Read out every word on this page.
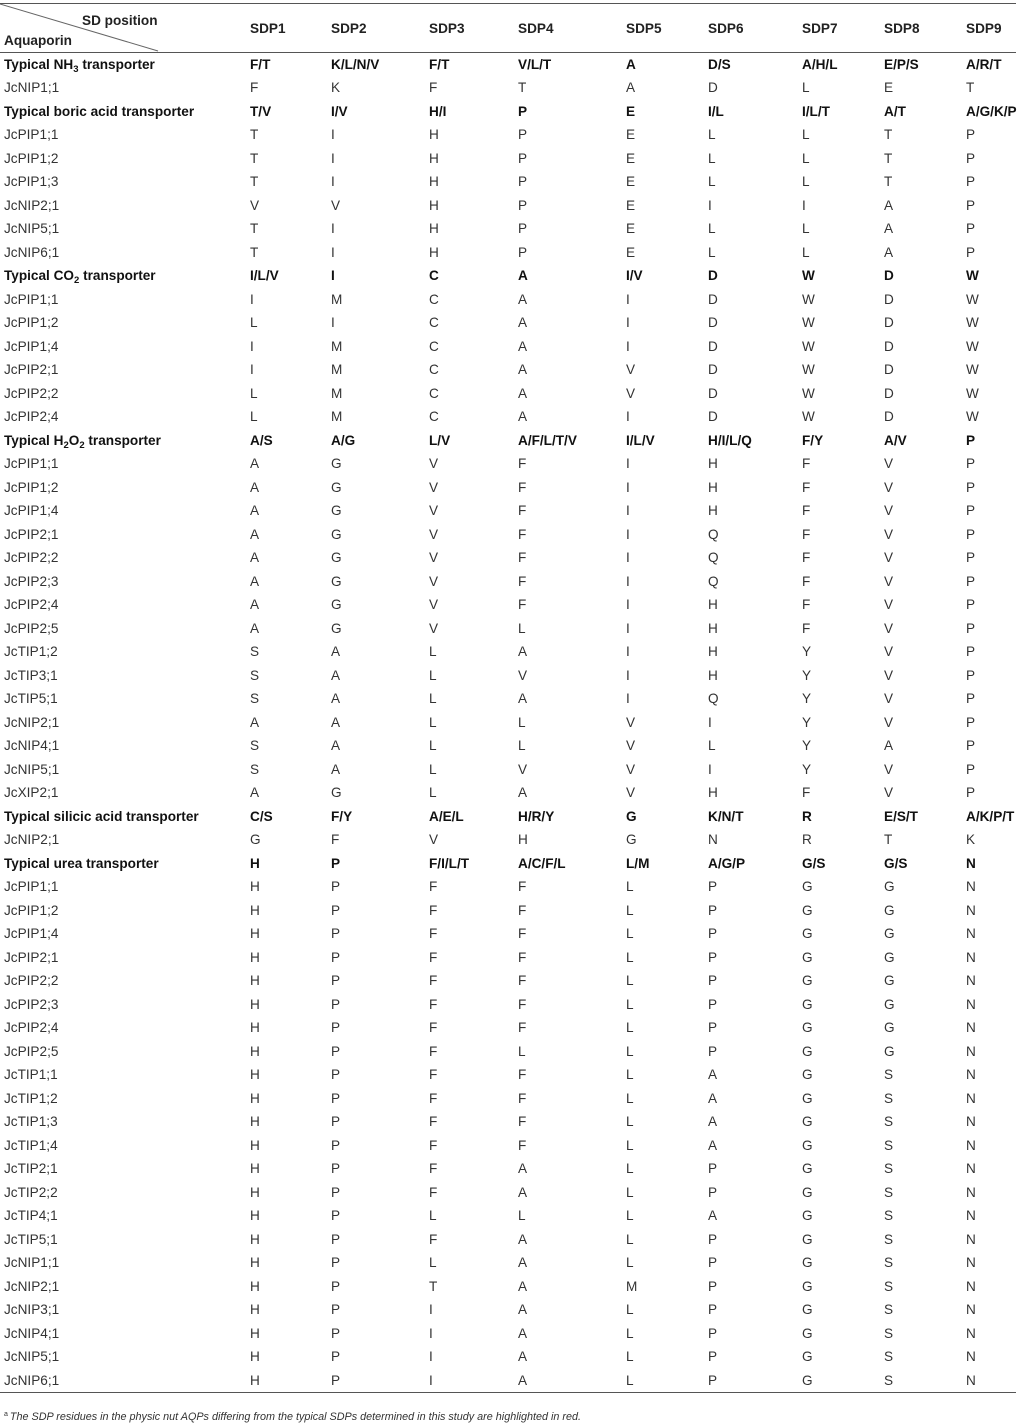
SD position
Aquaporin	SDP1	SDP2	SDP3	SDP4	SDP5	SDP6	SDP7	SDP8	SDP9
Typical $NH_3$ transporter	F/T	K/L/N/V	F/T	V/L/T	A	D/S	A/H/L	E/P/S	A/R/T
JcNIP1;1	F	K	F	T	A	D	L	E	T
Typical boric acid transporter	T/V	I/V	H/I	P	E	I/L	I/L/T	A/T	A/G/K/P
JcPIP1;1	T	I	H	P	E	L	L	T	P
JcPIP1;2	T	I	H	P	E	L	L	T	P
JcPIP1;3	T	I	H	P	E	L	L	T	P
JcNIP2;1	V	V	H	P	E	I	I	A	P
JcNIP5;1	T	I	H	P	E	L	L	A	P
JcNIP6;1	T	I	H	P	E	L	L	A	P
Typical $CO_2$ transporter	I/L/V	I	C	A	I/V	D	W	D	W
JcPIP1;1	I	M	C	A	I	D	W	D	W
JcPIP1;2	L	I	C	A	I	D	W	D	W
JcPIP1;4	I	M	C	A	I	D	W	D	W
JcPIP2;1	I	M	C	A	V	D	W	D	W
JcPIP2;2	L	M	C	A	V	D	W	D	W
JcPIP2;4	L	M	C	A	I	D	W	D	W
Typical $H_2O_2$ transporter	A/S	A/G	L/V	A/F/L/T/V	I/L/V	H/I/L/Q	F/Y	A/V	P
JcPIP1;1	A	G	V	F	I	H	F	V	P
JcPIP1;2	A	G	V	F	I	H	F	V	P
JcPIP1;4	A	G	V	F	I	H	F	V	P
JcPIP2;1	A	G	V	F	I	Q	F	V	P
JcPIP2;2	A	G	V	F	I	Q	F	V	P
JcPIP2;3	A	G	V	F	I	Q	F	V	P
JcPIP2;4	A	G	V	F	I	H	F	V	P
JcPIP2;5	A	G	V	L	I	H	F	V	P
JcTIP1;2	S	A	L	A	I	H	Y	V	P
JcTIP3;1	S	A	L	V	I	H	Y	V	P
JcTIP5;1	S	A	L	A	I	Q	Y	V	P
JcNIP2;1	A	A	L	L	V	I	Y	V	P
JcNIP4;1	S	A	L	L	V	L	Y	A	P
JcNIP5;1	S	A	L	V	V	I	Y	V	P
JcXIP2;1	A	G	L	A	V	H	F	V	P
Typical silicic acid transporter	C/S	F/Y	A/E/L	H/R/Y	G	K/N/T	R	E/S/T	A/K/P/T
JcNIP2;1	G	F	V	H	G	N	R	T	K
Typical urea transporter	H	P	F/I/L/T	A/C/F/L	L/M	A/G/P	G/S	G/S	N
JcPIP1;1	H	P	F	F	L	P	G	G	N
JcPIP1;2	H	P	F	F	L	P	G	G	N
JcPIP1;4	H	P	F	F	L	P	G	G	N
JcPIP2;1	H	P	F	F	L	P	G	G	N
JcPIP2;2	H	P	F	F	L	P	G	G	N
JcPIP2;3	H	P	F	F	L	P	G	G	N
JcPIP2;4	H	P	F	F	L	P	G	G	N
JcPIP2;5	H	P	F	L	L	P	G	G	N
JcTIP1;1	H	P	F	F	L	A	G	S	N
JcTIP1;2	H	P	F	F	L	A	G	S	N
JcTIP1;3	H	P	F	F	L	A	G	S	N
JcTIP1;4	H	P	F	F	L	A	G	S	N
JcTIP2;1	H	P	F	A	L	P	G	S	N
JcTIP2;2	H	P	F	A	L	P	G	S	N
JcTIP4;1	H	P	L	L	L	A	G	S	N
JcTIP5;1	H	P	F	A	L	P	G	S	N
JcNIP1;1	H	P	L	A	L	P	G	S	N
JcNIP2;1	H	P	T	A	M	P	G	S	N
JcNIP3;1	H	P	I	A	L	P	G	S	N
JcNIP4;1	H	P	I	A	L	P	G	S	N
JcNIP5;1	H	P	I	A	L	P	G	S	N
JcNIP6;1	H	P	I	A	L	P	G	S	N
$^a$ The SDP residues in the physic nut AQPs differing from the typical SDPs determined in this study are highlighted in red.
